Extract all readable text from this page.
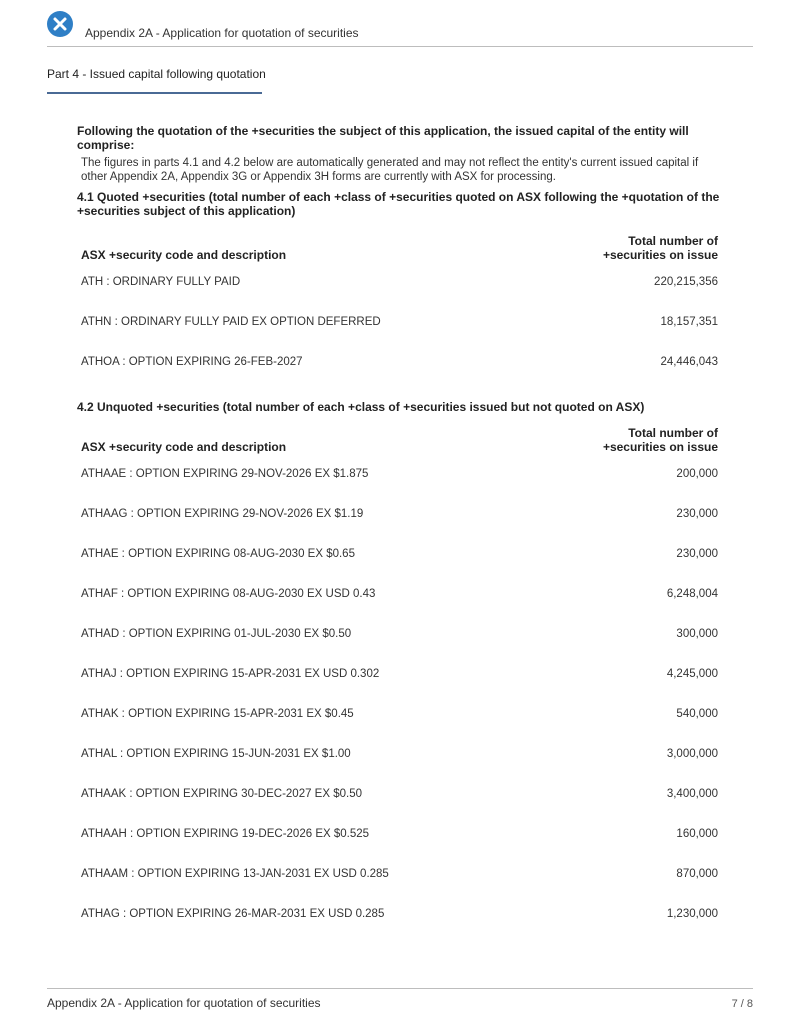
Appendix 2A - Application for quotation of securities
Part 4 - Issued capital following quotation
Following the quotation of the +securities the subject of this application, the issued capital of the entity will comprise:
The figures in parts 4.1 and 4.2 below are automatically generated and may not reflect the entity's current issued capital if other Appendix 2A, Appendix 3G or Appendix 3H forms are currently with ASX for processing.
4.1 Quoted +securities (total number of each +class of +securities quoted on ASX following the +quotation of the +securities subject of this application)
ASX +security code and description	Total number of
+securities on issue
ATH : ORDINARY FULLY PAID	220,215,356
ATHN : ORDINARY FULLY PAID EX OPTION DEFERRED	18,157,351
ATHOA : OPTION EXPIRING 26-FEB-2027	24,446,043
4.2 Unquoted +securities (total number of each +class of +securities issued but not quoted on ASX)
ASX +security code and description	Total number of
+securities on issue
ATHAAE : OPTION EXPIRING 29-NOV-2026 EX $1.875	200,000
ATHAAG : OPTION EXPIRING 29-NOV-2026 EX $1.19	230,000
ATHAE : OPTION EXPIRING 08-AUG-2030 EX $0.65	230,000
ATHAF : OPTION EXPIRING 08-AUG-2030 EX USD 0.43	6,248,004
ATHAD : OPTION EXPIRING 01-JUL-2030 EX $0.50	300,000
ATHAJ : OPTION EXPIRING 15-APR-2031 EX USD 0.302	4,245,000
ATHAK : OPTION EXPIRING 15-APR-2031 EX $0.45	540,000
ATHAL : OPTION EXPIRING 15-JUN-2031 EX $1.00	3,000,000
ATHAAK : OPTION EXPIRING 30-DEC-2027 EX $0.50	3,400,000
ATHAAH : OPTION EXPIRING 19-DEC-2026 EX $0.525	160,000
ATHAAM : OPTION EXPIRING 13-JAN-2031 EX USD 0.285	870,000
ATHAG : OPTION EXPIRING 26-MAR-2031 EX USD 0.285	1,230,000
Appendix 2A - Application for quotation of securities	7 / 8
